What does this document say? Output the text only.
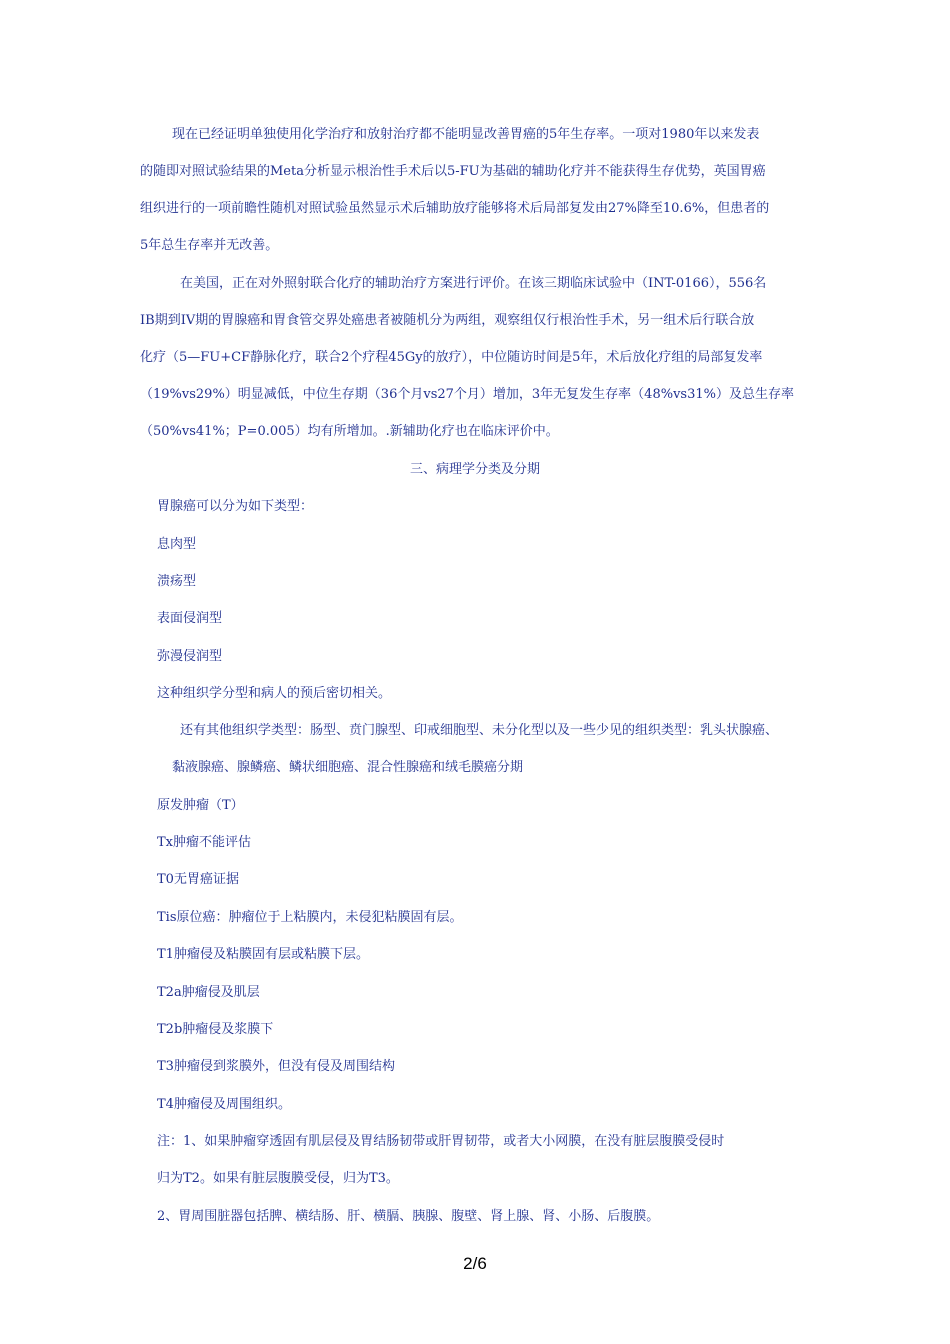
现在已经证明单独使用化学治疗和放射治疗都不能明显改善胃癌的5年生存率。一项对1980年以来发表
的随即对照试验结果的Meta分析显示根治性手术后以5-FU为基础的辅助化疗并不能获得生存优势，英国胃癌
组织进行的一项前瞻性随机对照试验虽然显示术后辅助放疗能够将术后局部复发由27%降至10.6%，但患者的
5年总生存率并无改善。
在美国，正在对外照射联合化疗的辅助治疗方案进行评价。在该三期临床试验中（INT-0166），556名
IB期到IV期的胃腺癌和胃食管交界处癌患者被随机分为两组，观察组仅行根治性手术，另一组术后行联合放
化疗（5—FU+CF静脉化疗，联合2个疗程45Gy的放疗），中位随访时间是5年，术后放化疗组的局部复发率
（19%vs29%）明显减低，中位生存期（36个月vs27个月）增加，3年无复发生存率（48%vs31%）及总生存率
（50%vs41%；P=0.005）均有所增加。.新辅助化疗也在临床评价中。
三、病理学分类及分期
胃腺癌可以分为如下类型：
息肉型
溃疡型
表面侵润型
弥漫侵润型
这种组织学分型和病人的预后密切相关。
还有其他组织学类型：肠型、贲门腺型、印戒细胞型、未分化型以及一些少见的组织类型：乳头状腺癌、
黏液腺癌、腺鳞癌、鳞状细胞癌、混合性腺癌和绒毛膜癌分期
原发肿瘤（T）
Tx肿瘤不能评估
T0无胃癌证据
Tis原位癌：肿瘤位于上粘膜内，未侵犯粘膜固有层。
T1肿瘤侵及粘膜固有层或粘膜下层。
T2a肿瘤侵及肌层
T2b肿瘤侵及浆膜下
T3肿瘤侵到浆膜外，但没有侵及周围结构
T4肿瘤侵及周围组织。
注：1、如果肿瘤穿透固有肌层侵及胃结肠韧带或肝胃韧带，或者大小网膜，在没有脏层腹膜受侵时
归为T2。如果有脏层腹膜受侵，归为T3。
2、胃周围脏器包括脾、横结肠、肝、横膈、胰腺、腹壁、肾上腺、肾、小肠、后腹膜。
2/6
